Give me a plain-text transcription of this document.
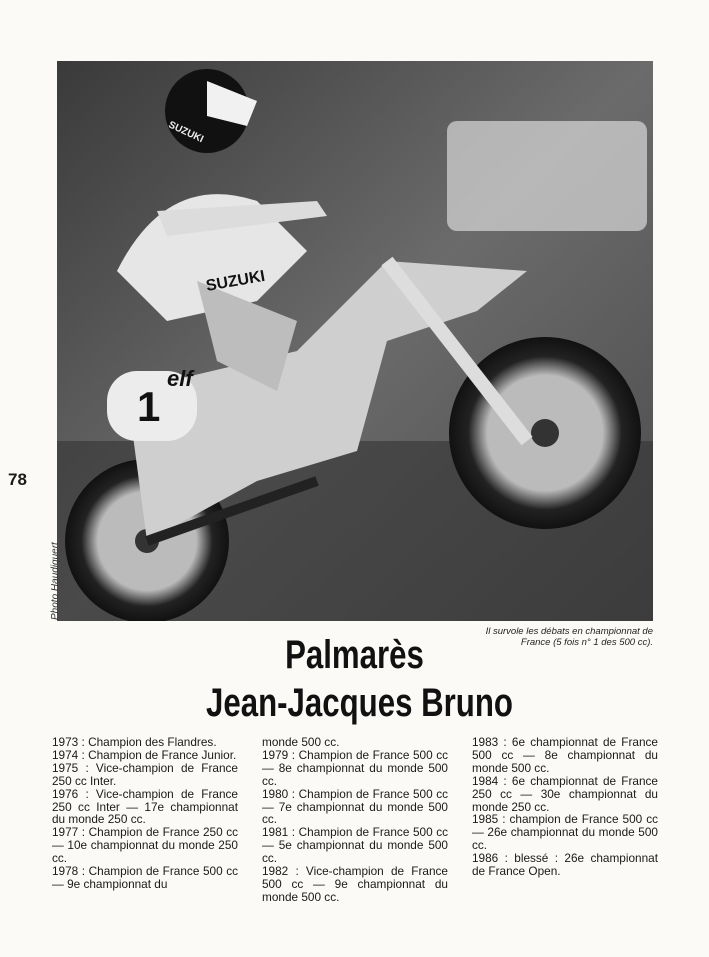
1
elf
SUZUKI
SUZUKI
78
Photo Haudiquert
Il survole les débats en championnat de France (5 fois n° 1 des 500 cc).
Palmarès
Jean-Jacques Bruno

1973 : Champion des Flandres.

1974 : Champion de France Junior.

1975 : Vice-champion de France 250 cc Inter.

1976 : Vice-champion de France 250 cc Inter — 17e championnat du monde 250 cc.

1977 : Champion de France 250 cc — 10e championnat du monde 250 cc.

1978 : Champion de France 500 cc — 9e championnat du

monde 500 cc.

1979 : Champion de France 500 cc — 8e championnat du monde 500 cc.

1980 : Champion de France 500 cc — 7e championnat du monde 500 cc.

1981 : Champion de France 500 cc — 5e championnat du monde 500 cc.

1982 : Vice-champion de France 500 cc — 9e championnat du monde 500 cc.

1983 : 6e championnat de France 500 cc — 8e championnat du monde 500 cc.

1984 : 6e championnat de France 250 cc — 30e championnat du monde 250 cc.

1985 : champion de France 500 cc — 26e championnat du monde 500 cc.

1986 : blessé : 26e championnat de France Open.
